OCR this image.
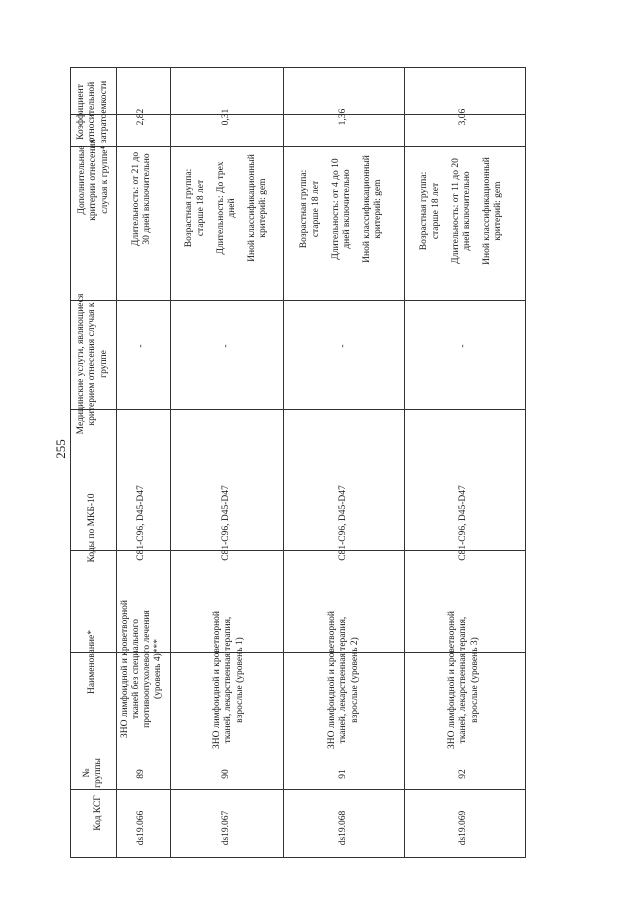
255
Код КСГ
№ группы
Наименование*
Коды по МКБ-10
Медицинские услуги, являющиеся критерием отнесения случая к группе
Дополнительные критерии отнесения случая к группе⁴
Коэффициент относительной затратоемкости
ds19.066
89
ЗНО лимфоидной и кроветворной тканей без специального противоопухолевого лечения (уровень 4)***
C81-C96, D45-D47
-
Длительность: от 21 до 30 дней включительно
2,82
ds19.067
90
ЗНО лимфоидной и кроветворной тканей, лекарственная терапия, взрослые (уровень 1)
C81-C96, D45-D47
-
Возрастная группа: старше 18 лет Длительность: До трех дней Иной классификационный критерий: gem
0,31
ds19.068
91
ЗНО лимфоидной и кроветворной тканей, лекарственная терапия, взрослые (уровень 2)
C81-C96, D45-D47
-
Возрастная группа: старше 18 лет Длительность: от 4 до 10 дней включительно Иной классификационный критерий: gem
1,36
ds19.069
92
ЗНО лимфоидной и кроветворной тканей, лекарственная терапия, взрослые (уровень 3)
C81-C96, D45-D47
-
Возрастная группа: старше 18 лет Длительность: от 11 до 20 дней включительно Иной классификационный критерий: gem
3,06
